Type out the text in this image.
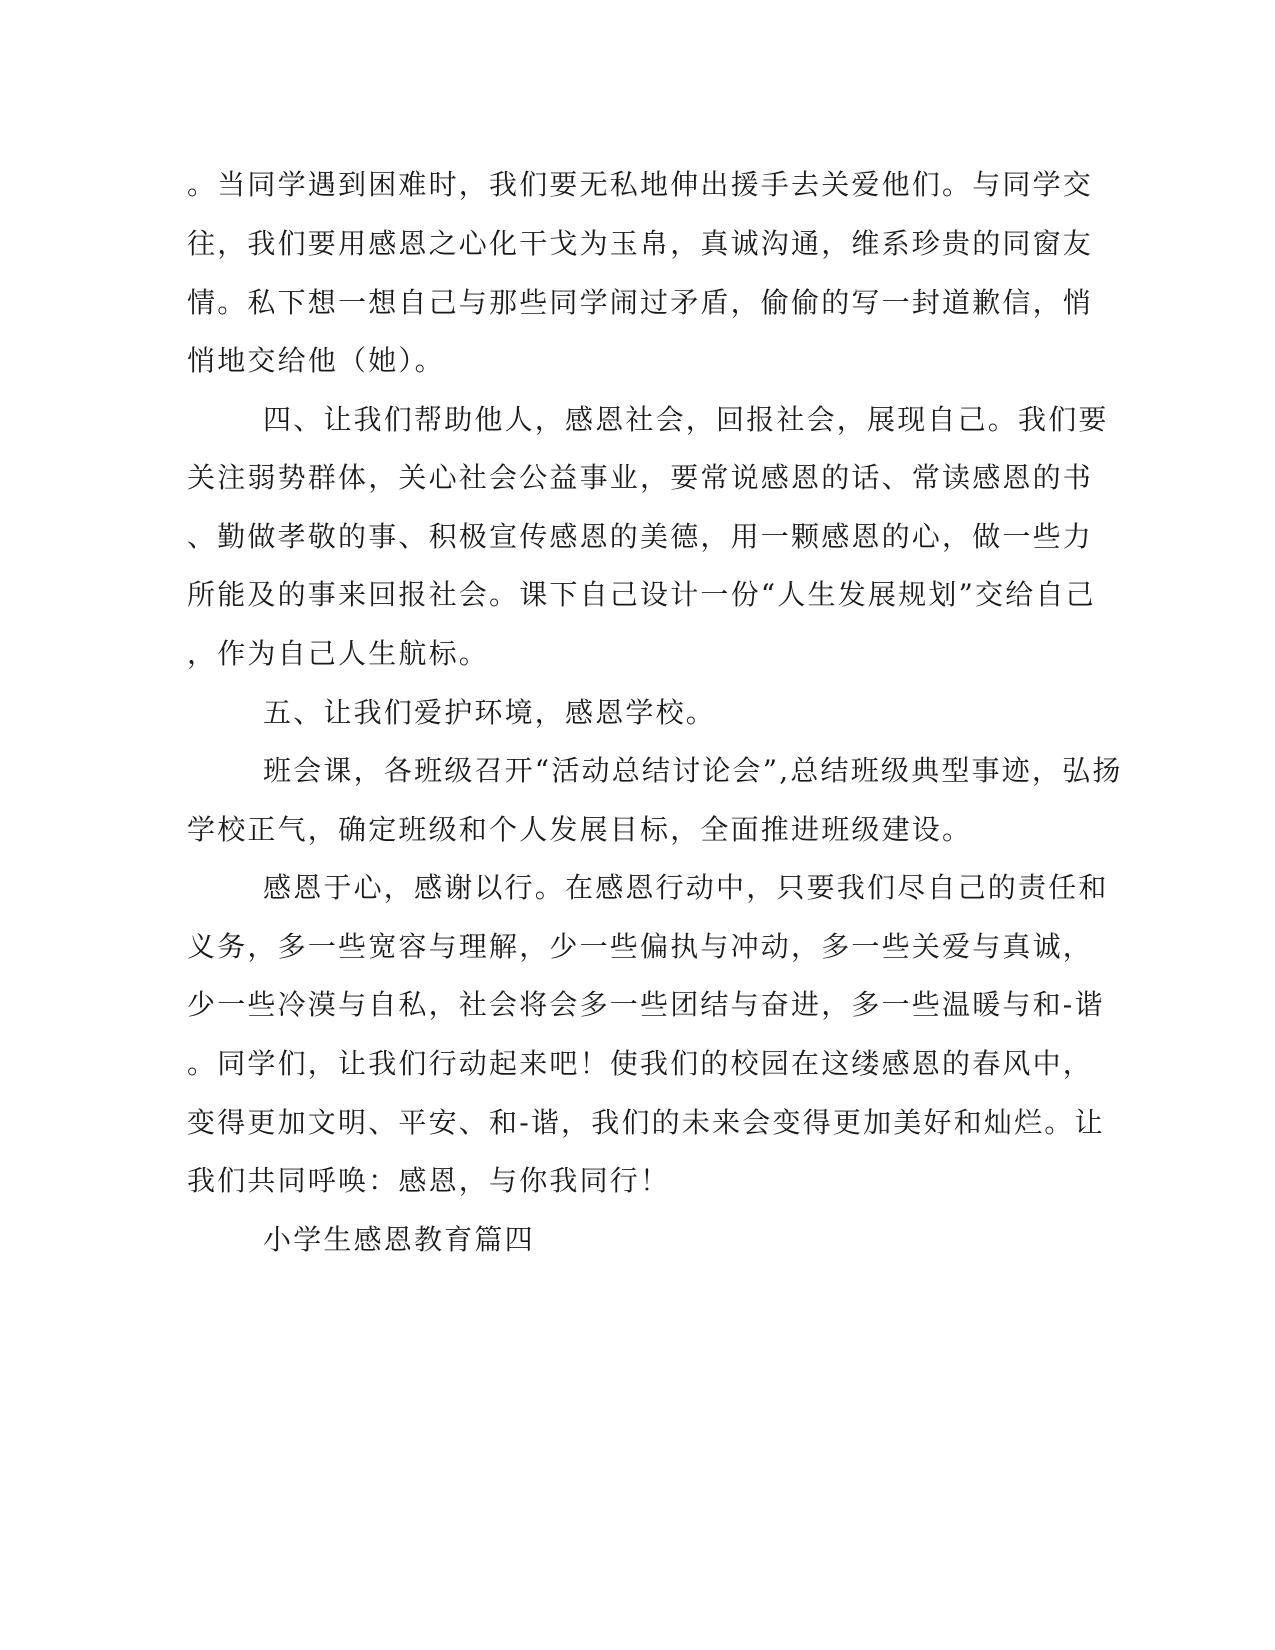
。当同学遇到困难时，我们要无私地伸出援手去关爱他们。与同学交
往，我们要用感恩之心化干戈为玉帛，真诚沟通，维系珍贵的同窗友
情。私下想一想自己与那些同学闹过矛盾，偷偷的写一封道歉信，悄
悄地交给他（她）。
四、让我们帮助他人，感恩社会，回报社会，展现自己。我们要
关注弱势群体，关心社会公益事业，要常说感恩的话、常读感恩的书
、勤做孝敬的事、积极宣传感恩的美德，用一颗感恩的心，做一些力
所能及的事来回报社会。课下自己设计一份“人生发展规划”交给自己
，作为自己人生航标。
五、让我们爱护环境，感恩学校。
班会课，各班级召开“活动总结讨论会”,总结班级典型事迹，弘扬
学校正气，确定班级和个人发展目标，全面推进班级建设。
感恩于心，感谢以行。在感恩行动中，只要我们尽自己的责任和
义务，多一些宽容与理解，少一些偏执与冲动，多一些关爱与真诚，
少一些冷漠与自私，社会将会多一些团结与奋进，多一些温暖与和-谐
。同学们，让我们行动起来吧！使我们的校园在这缕感恩的春风中，
变得更加文明、平安、和-谐，我们的未来会变得更加美好和灿烂。让
我们共同呼唤：感恩，与你我同行！
小学生感恩教育篇四
